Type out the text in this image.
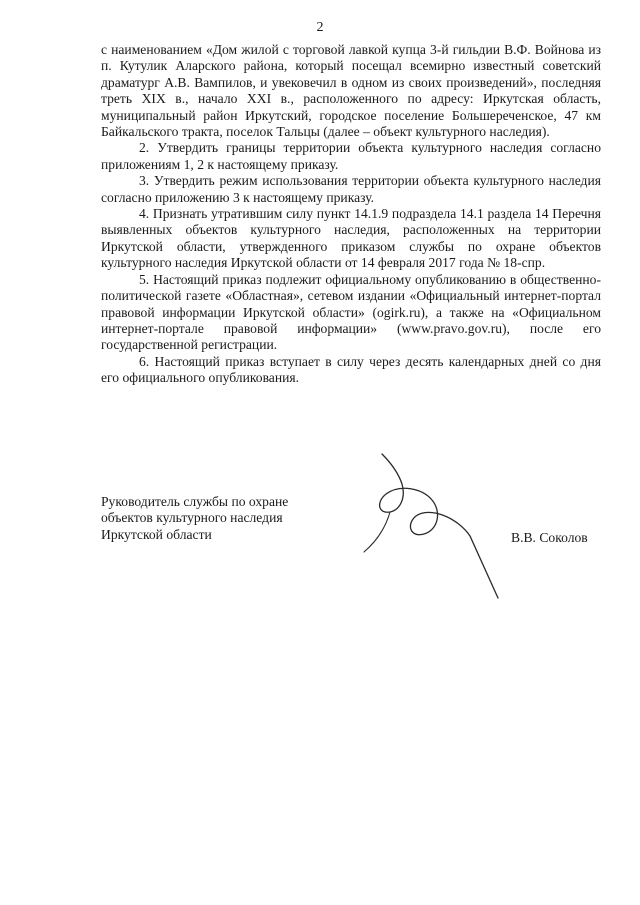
2

с наименованием «Дом жилой с торговой лавкой купца 3-й гильдии В.Ф. Войнова из п. Кутулик Аларского района, который посещал всемирно известный советский драматург А.В. Вампилов, и увековечил в одном из своих произведений», последняя треть XIX в., начало XXI в., расположенного по адресу: Иркутская область, муниципальный район Иркутский, городское поселение Большереченское, 47 км Байкальского тракта, поселок Тальцы (далее – объект культурного наследия).

2. Утвердить границы территории объекта культурного наследия согласно приложениям 1, 2 к настоящему приказу.

3. Утвердить режим использования территории объекта культурного наследия согласно приложению 3 к настоящему приказу.

4. Признать утратившим силу пункт 14.1.9 подраздела 14.1 раздела 14 Перечня выявленных объектов культурного наследия, расположенных на территории Иркутской области, утвержденного приказом службы по охране объектов культурного наследия Иркутской области от 14 февраля 2017 года № 18-спр.

5. Настоящий приказ подлежит официальному опубликованию в общественно-политической газете «Областная», сетевом издании «Официальный интернет-портал правовой информации Иркутской области» (ogirk.ru), а также на «Официальном интернет-портале правовой информации» (www.pravo.gov.ru), после его государственной регистрации.

6. Настоящий приказ вступает в силу через десять календарных дней со дня его официального опубликования.

Руководитель службы по охране
объектов культурного наследия
Иркутской области	В.В. Соколов
